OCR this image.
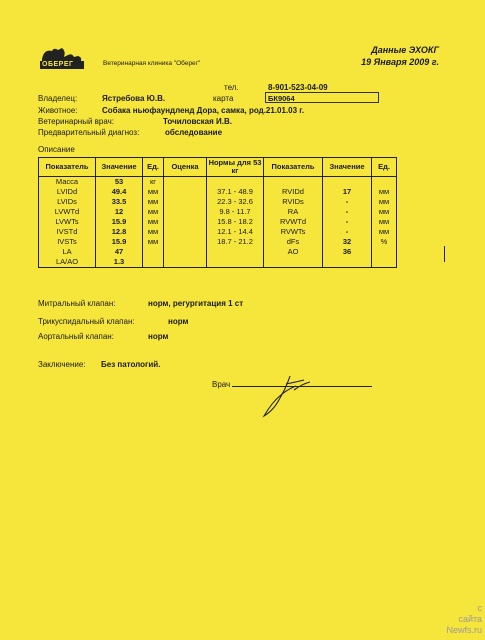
ОБЕРЕГ	Ветеринарная клиника "Оберег"
Данные ЭХОКГ
19 Января 2009 г.
тел.	8-901-523-04-09
карта	БК9064
Владелец:	Ястребова Ю.В.
Животное:	Собака ньюфаундленд Дора, самка, род.21.01.03 г.
Ветеринарный врач:	Точиловская И.В.
Предварительный диагноз:	обследование
Описание
Показатель	Значение	Ед.	Оценка	Нормы для 53 кг	Показатель	Значение	Ед.
Масса	53	кг					
LVIDd	49.4	мм		37.1 - 48.9	RVIDd	17	мм
LVIDs	33.5	мм		22.3 - 32.6	RVIDs	-	мм
LVWTd	12	мм		9.8 - 11.7	RA	-	мм
LVWTs	15.9	мм		15.8 - 18.2	RVWTd	-	мм
IVSTd	12.8	мм		12.1 - 14.4	RVWTs	-	мм
IVSTs	15.9	мм		18.7 - 21.2	dFs	32	%
LA	47				AO	36	
LA/AO	1.3						
Митральный клапан:	норм, регургитация 1 ст
Трикуспидальный клапан:	норм
Аортальный клапан:	норм
Заключение: Без патологий.
Врач
с
сайта
Newfs.ru
